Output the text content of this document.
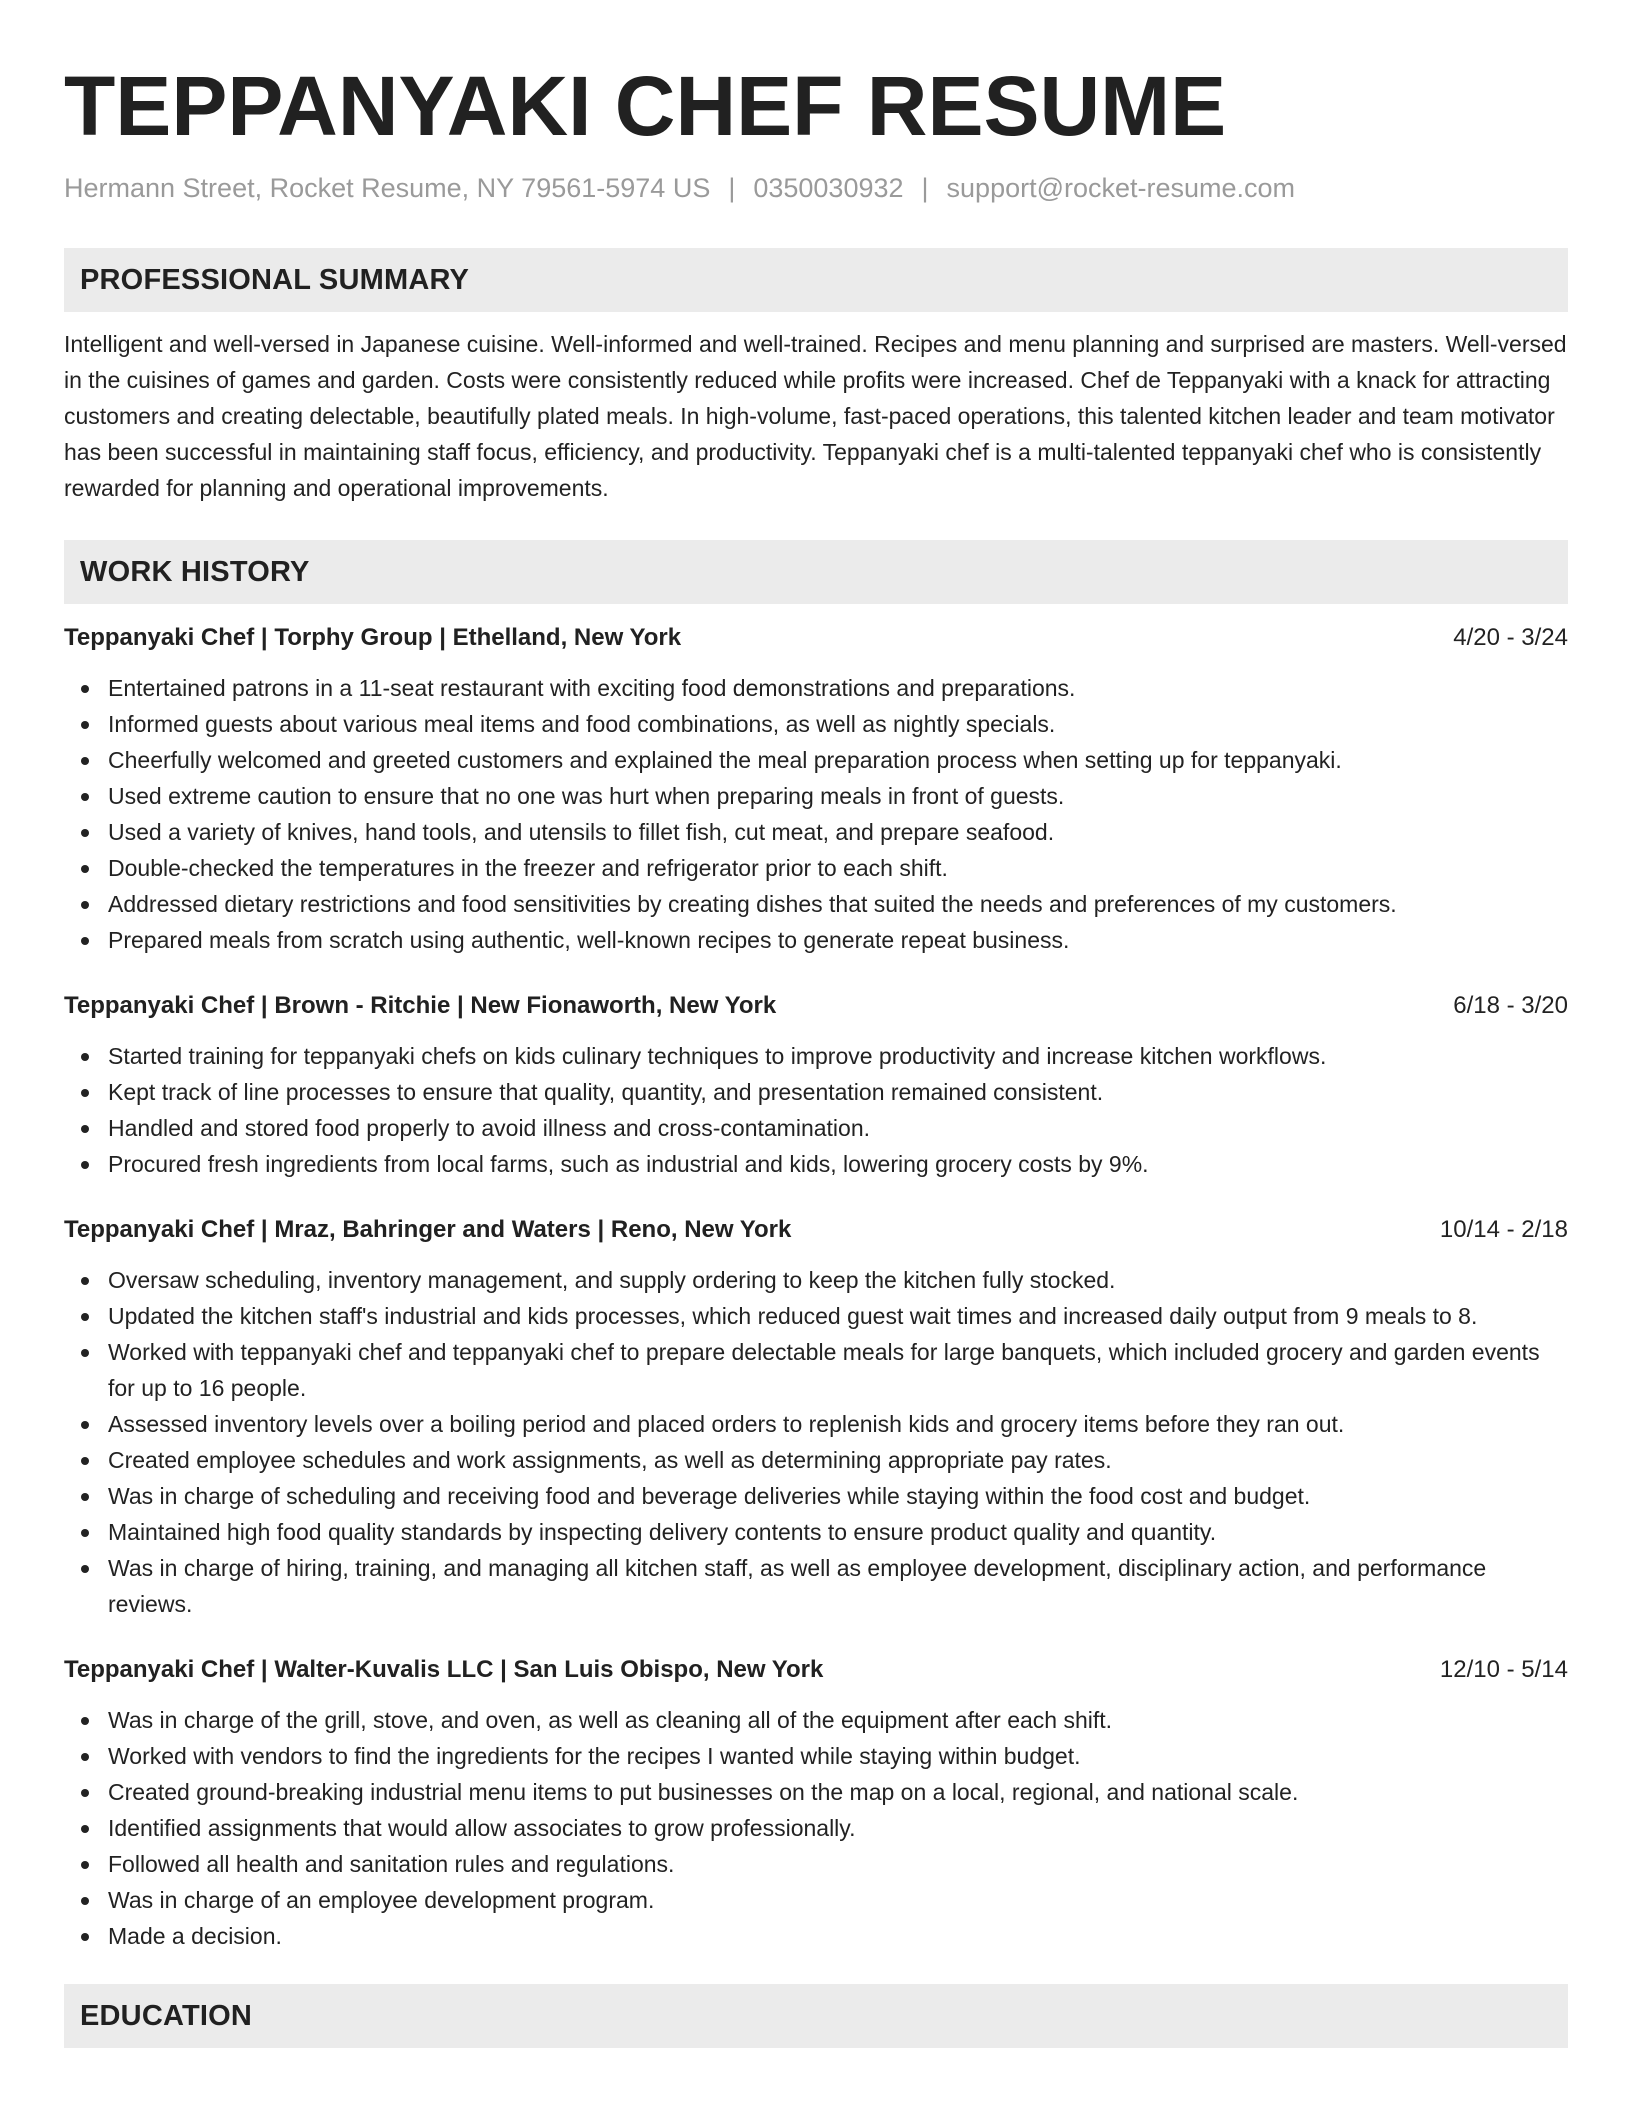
TEPPANYAKI CHEF RESUME
Hermann Street, Rocket Resume, NY 79561-5974 US | 0350030932 | support@rocket-resume.com
PROFESSIONAL SUMMARY
Intelligent and well-versed in Japanese cuisine. Well-informed and well-trained. Recipes and menu planning and surprised are masters. Well-versed in the cuisines of games and garden. Costs were consistently reduced while profits were increased. Chef de Teppanyaki with a knack for attracting customers and creating delectable, beautifully plated meals. In high-volume, fast-paced operations, this talented kitchen leader and team motivator has been successful in maintaining staff focus, efficiency, and productivity. Teppanyaki chef is a multi-talented teppanyaki chef who is consistently rewarded for planning and operational improvements.
WORK HISTORY
Teppanyaki Chef | Torphy Group | Ethelland, New York	4/20 - 3/24
Entertained patrons in a 11-seat restaurant with exciting food demonstrations and preparations.
Informed guests about various meal items and food combinations, as well as nightly specials.
Cheerfully welcomed and greeted customers and explained the meal preparation process when setting up for teppanyaki.
Used extreme caution to ensure that no one was hurt when preparing meals in front of guests.
Used a variety of knives, hand tools, and utensils to fillet fish, cut meat, and prepare seafood.
Double-checked the temperatures in the freezer and refrigerator prior to each shift.
Addressed dietary restrictions and food sensitivities by creating dishes that suited the needs and preferences of my customers.
Prepared meals from scratch using authentic, well-known recipes to generate repeat business.
Teppanyaki Chef | Brown - Ritchie | New Fionaworth, New York	6/18 - 3/20
Started training for teppanyaki chefs on kids culinary techniques to improve productivity and increase kitchen workflows.
Kept track of line processes to ensure that quality, quantity, and presentation remained consistent.
Handled and stored food properly to avoid illness and cross-contamination.
Procured fresh ingredients from local farms, such as industrial and kids, lowering grocery costs by 9%.
Teppanyaki Chef | Mraz, Bahringer and Waters | Reno, New York	10/14 - 2/18
Oversaw scheduling, inventory management, and supply ordering to keep the kitchen fully stocked.
Updated the kitchen staff's industrial and kids processes, which reduced guest wait times and increased daily output from 9 meals to 8.
Worked with teppanyaki chef and teppanyaki chef to prepare delectable meals for large banquets, which included grocery and garden events for up to 16 people.
Assessed inventory levels over a boiling period and placed orders to replenish kids and grocery items before they ran out.
Created employee schedules and work assignments, as well as determining appropriate pay rates.
Was in charge of scheduling and receiving food and beverage deliveries while staying within the food cost and budget.
Maintained high food quality standards by inspecting delivery contents to ensure product quality and quantity.
Was in charge of hiring, training, and managing all kitchen staff, as well as employee development, disciplinary action, and performance reviews.
Teppanyaki Chef | Walter-Kuvalis LLC | San Luis Obispo, New York	12/10 - 5/14
Was in charge of the grill, stove, and oven, as well as cleaning all of the equipment after each shift.
Worked with vendors to find the ingredients for the recipes I wanted while staying within budget.
Created ground-breaking industrial menu items to put businesses on the map on a local, regional, and national scale.
Identified assignments that would allow associates to grow professionally.
Followed all health and sanitation rules and regulations.
Was in charge of an employee development program.
Made a decision.
EDUCATION
